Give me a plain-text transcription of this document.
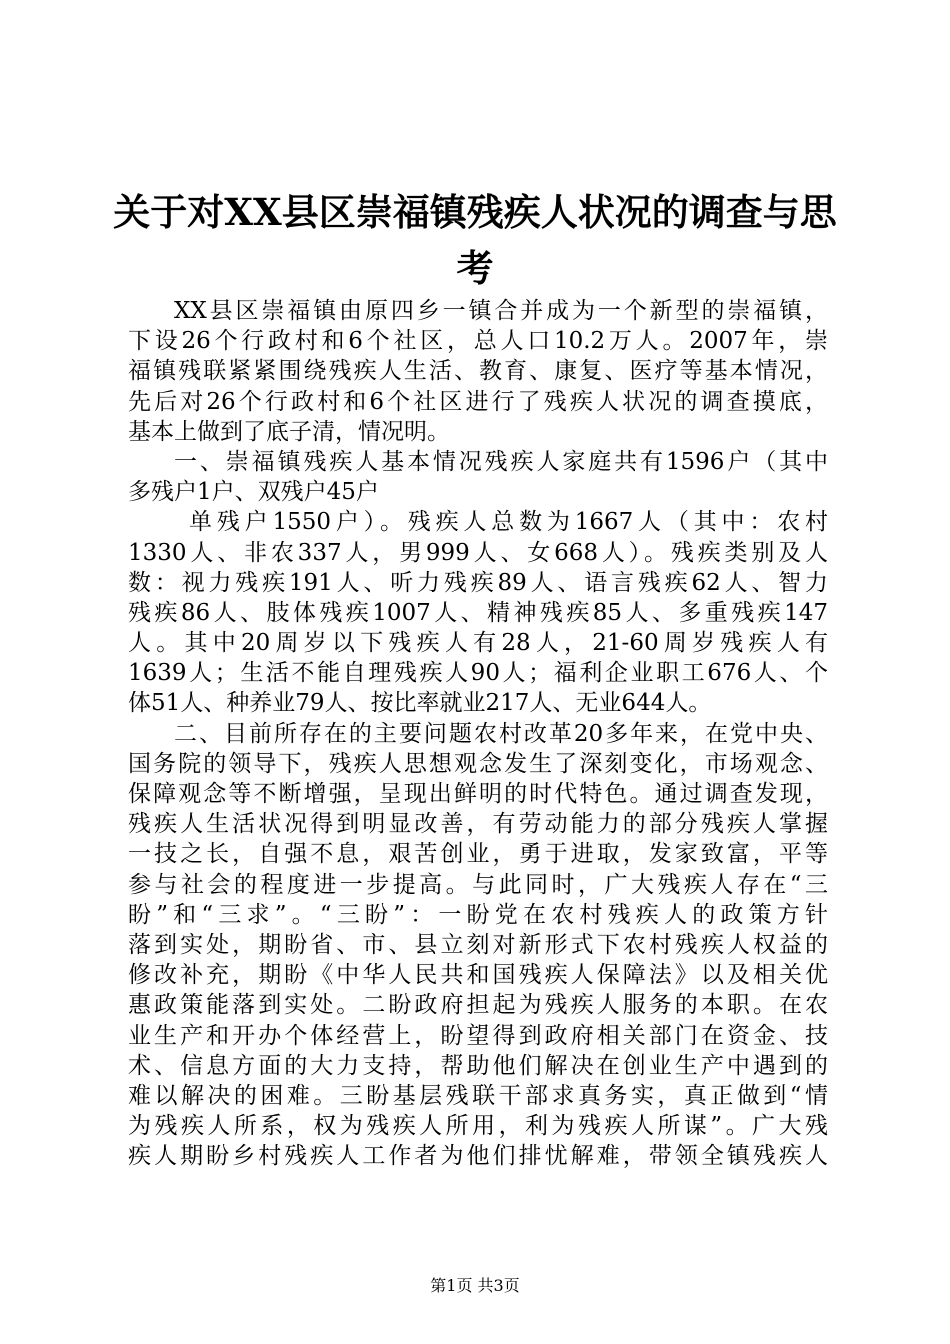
关于对XX县区崇福镇残疾人状况的调查与思
考
XX县区崇福镇由原四乡一镇合并成为一个新型的崇福镇，
下设26个行政村和6个社区，总人口10.2万人。2007年，崇
福镇残联紧紧围绕残疾人生活、教育、康复、医疗等基本情况，
先后对26个行政村和6个社区进行了残疾人状况的调查摸底，
基本上做到了底子清，情况明。
一、崇福镇残疾人基本情况残疾人家庭共有1596户（其中
多残户1户、双残户45户
单残户1550户）。残疾人总数为1667人（其中：农村
1330人、非农337人，男999人、女668人）。残疾类别及人
数：视力残疾191人、听力残疾89人、语言残疾62人、智力
残疾86人、肢体残疾1007人、精神残疾85人、多重残疾147
人。其中20周岁以下残疾人有28人，21-60周岁残疾人有
1639人；生活不能自理残疾人90人；福利企业职工676人、个
体51人、种养业79人、按比率就业217人、无业644人。
二、目前所存在的主要问题农村改革20多年来，在党中央、
国务院的领导下，残疾人思想观念发生了深刻变化，市场观念、
保障观念等不断增强，呈现出鲜明的时代特色。通过调查发现，
残疾人生活状况得到明显改善，有劳动能力的部分残疾人掌握
一技之长，自强不息，艰苦创业，勇于进取，发家致富，平等
参与社会的程度进一步提高。与此同时，广大残疾人存在“三
盼”和“三求”。“三盼”：一盼党在农村残疾人的政策方针
落到实处，期盼省、市、县立刻对新形式下农村残疾人权益的
修改补充，期盼《中华人民共和国残疾人保障法》以及相关优
惠政策能落到实处。二盼政府担起为残疾人服务的本职。在农
业生产和开办个体经营上，盼望得到政府相关部门在资金、技
术、信息方面的大力支持，帮助他们解决在创业生产中遇到的
难以解决的困难。三盼基层残联干部求真务实，真正做到“情
为残疾人所系，权为残疾人所用，利为残疾人所谋”。广大残
疾人期盼乡村残疾人工作者为他们排忧解难，带领全镇残疾人
第1页 共3页
